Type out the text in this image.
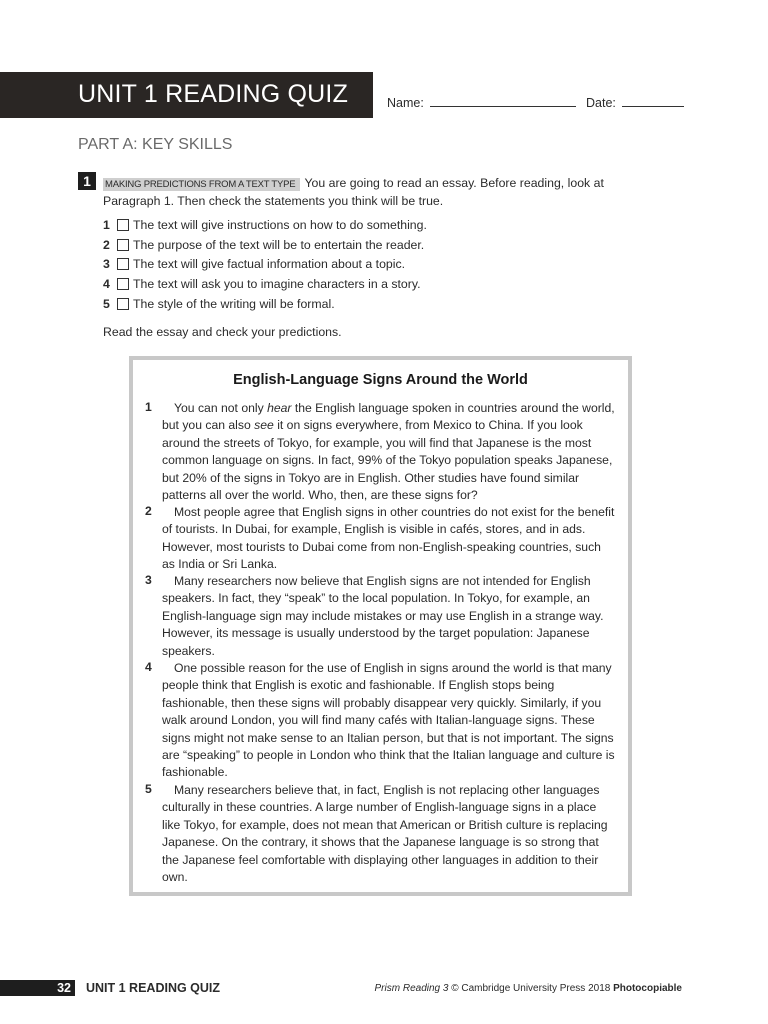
UNIT 1 READING QUIZ	Name:	Date:
PART A: KEY SKILLS
1	MAKING PREDICTIONS FROM A TEXT TYPE You are going to read an essay. Before reading, look at Paragraph 1. Then check the statements you think will be true.
1	The text will give instructions on how to do something.
2	The purpose of the text will be to entertain the reader.
3	The text will give factual information about a topic.
4	The text will ask you to imagine characters in a story.
5	The style of the writing will be formal.
Read the essay and check your predictions.
English-Language Signs Around the World
1	You can not only hear the English language spoken in countries around the world, but you can also see it on signs everywhere, from Mexico to China. If you look around the streets of Tokyo, for example, you will find that Japanese is the most common language on signs. In fact, 99% of the Tokyo population speaks Japanese, but 20% of the signs in Tokyo are in English. Other studies have found similar patterns all over the world. Who, then, are these signs for?
2	Most people agree that English signs in other countries do not exist for the benefit of tourists. In Dubai, for example, English is visible in cafés, stores, and in ads. However, most tourists to Dubai come from non-English-speaking countries, such as India or Sri Lanka.
3	Many researchers now believe that English signs are not intended for English speakers. In fact, they “speak” to the local population. In Tokyo, for example, an English-language sign may include mistakes or may use English in a strange way. However, its message is usually understood by the target population: Japanese speakers.
4	One possible reason for the use of English in signs around the world is that many people think that English is exotic and fashionable. If English stops being fashionable, then these signs will probably disappear very quickly. Similarly, if you walk around London, you will find many cafés with Italian-language signs. These signs might not make sense to an Italian person, but that is not important. The signs are “speaking” to people in London who think that the Italian language and culture is fashionable.
5	Many researchers believe that, in fact, English is not replacing other languages culturally in these countries. A large number of English-language signs in a place like Tokyo, for example, does not mean that American or British culture is replacing Japanese. On the contrary, it shows that the Japanese language is so strong that the Japanese feel comfortable with displaying other languages in addition to their own.
32	UNIT 1 READING QUIZ	Prism Reading 3 © Cambridge University Press 2018 Photocopiable
